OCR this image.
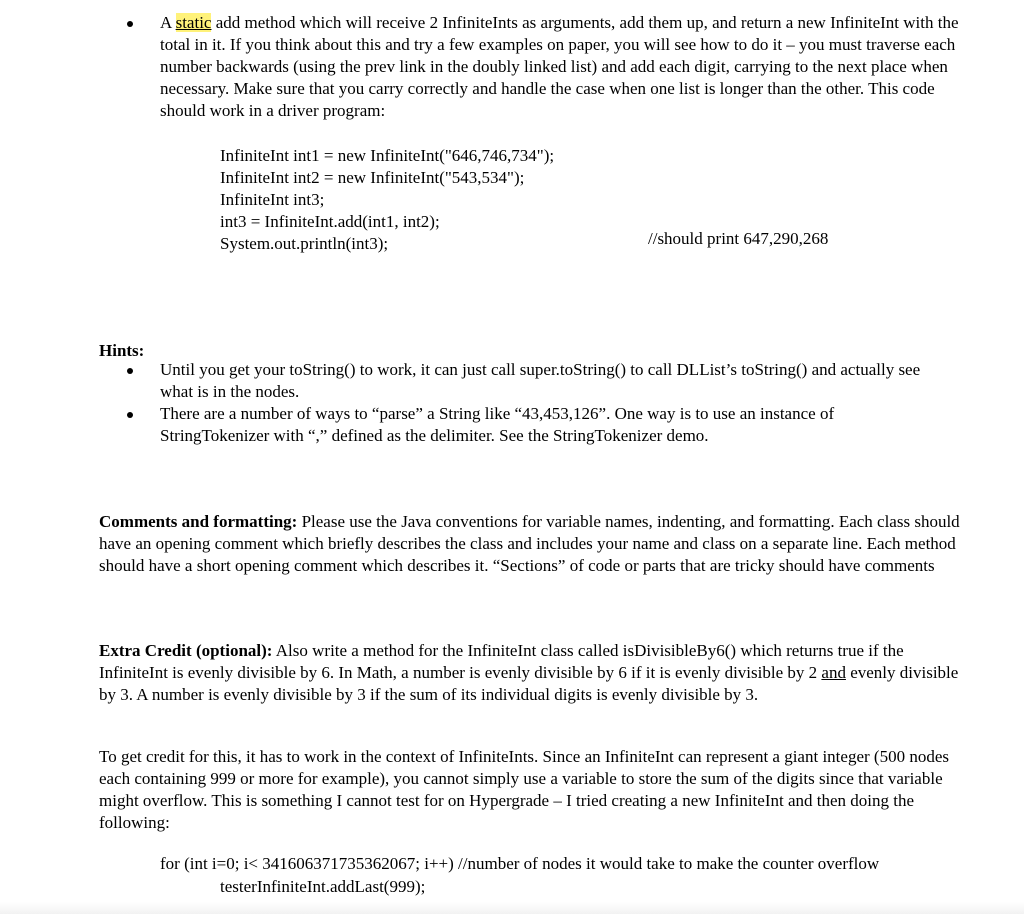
A static add method which will receive 2 InfiniteInts as arguments, add them up, and return a new InfiniteInt with the total in it. If you think about this and try a few examples on paper, you will see how to do it – you must traverse each number backwards (using the prev link in the doubly linked list) and add each digit, carrying to the next place when necessary. Make sure that you carry correctly and handle the case when one list is longer than the other. This code should work in a driver program:
InfiniteInt int1 = new InfiniteInt("646,746,734");
InfiniteInt int2 = new InfiniteInt("543,534");
InfiniteInt int3;
int3 = InfiniteInt.add(int1, int2);
System.out.println(int3);	//should print 647,290,268
Hints:
Until you get your toString() to work, it can just call super.toString() to call DLList’s toString() and actually see what is in the nodes.
There are a number of ways to “parse” a String like “43,453,126”. One way is to use an instance of StringTokenizer with “,” defined as the delimiter. See the StringTokenizer demo.
Comments and formatting: Please use the Java conventions for variable names, indenting, and formatting. Each class should have an opening comment which briefly describes the class and includes your name and class on a separate line. Each method should have a short opening comment which describes it. “Sections” of code or parts that are tricky should have comments
Extra Credit (optional): Also write a method for the InfiniteInt class called isDivisibleBy6() which returns true if the InfiniteInt is evenly divisible by 6. In Math, a number is evenly divisible by 6 if it is evenly divisible by 2 and evenly divisible by 3. A number is evenly divisible by 3 if the sum of its individual digits is evenly divisible by 3.
To get credit for this, it has to work in the context of InfiniteInts. Since an InfiniteInt can represent a giant integer (500 nodes each containing 999 or more for example), you cannot simply use a variable to store the sum of the digits since that variable might overflow. This is something I cannot test for on Hypergrade – I tried creating a new InfiniteInt and then doing the following:
for (int i=0; i< 341606371735362067; i++) //number of nodes it would take to make the counter overflow
testerInfiniteInt.addLast(999);
